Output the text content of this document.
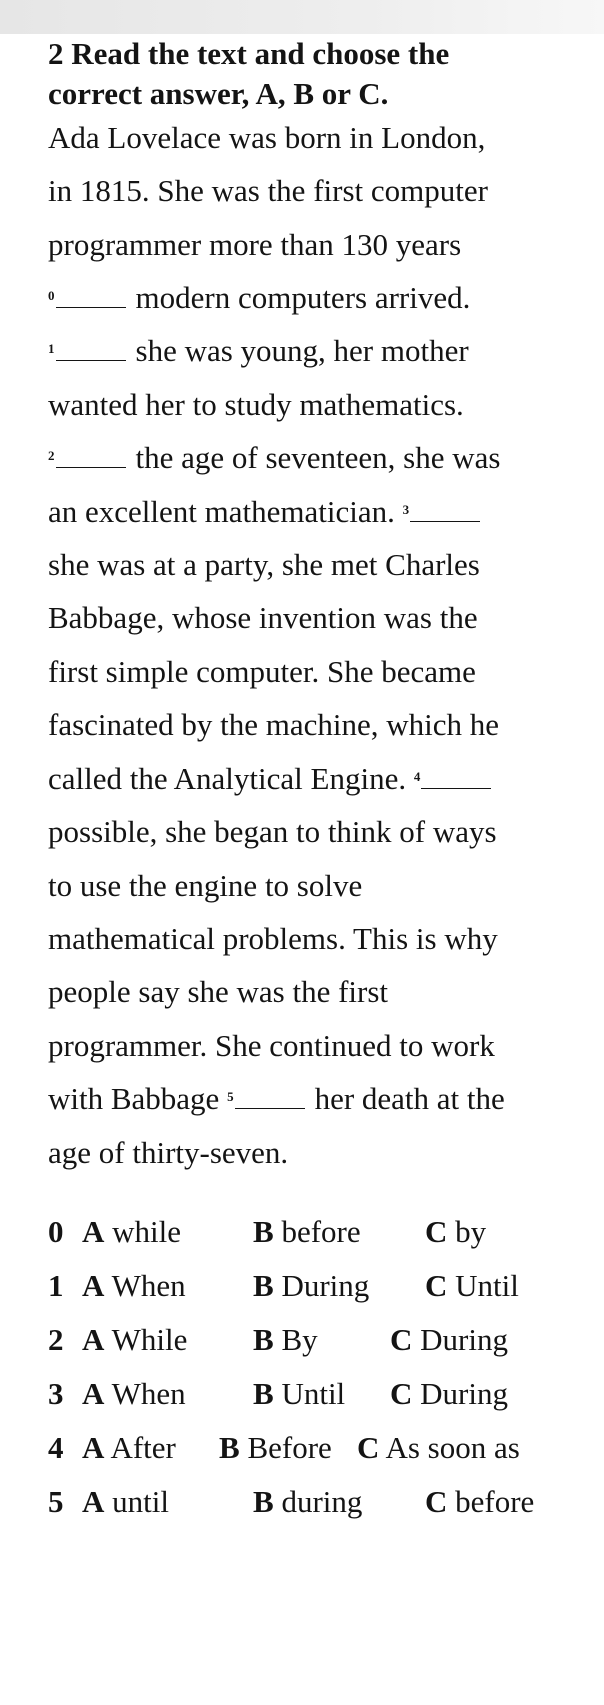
2 Read the text and choose the
correct answer, A, B or C.
Ada Lovelace was born in London,
in 1815. She was the first computer
programmer more than 130 years
$^0$	modern computers arrived.
$^1$	she was young, her mother
wanted her to study mathematics.
$^2$	the age of seventeen, she was
an excellent mathematician. $^3$
she was at a party, she met Charles
Babbage, whose invention was the
first simple computer. She became
fascinated by the machine, which he
called the Analytical Engine. $^4$
possible, she began to think of ways
to use the engine to solve
mathematical problems. This is why
people say she was the first
programmer. She continued to work
with Babbage $^5$	her death at the
age of thirty-seven.
0 A while B before C by
1 A When B During C Until
2 A While B By C During
3 A When B Until C During
4 A After B Before C As soon as
5 A until	B during C before
